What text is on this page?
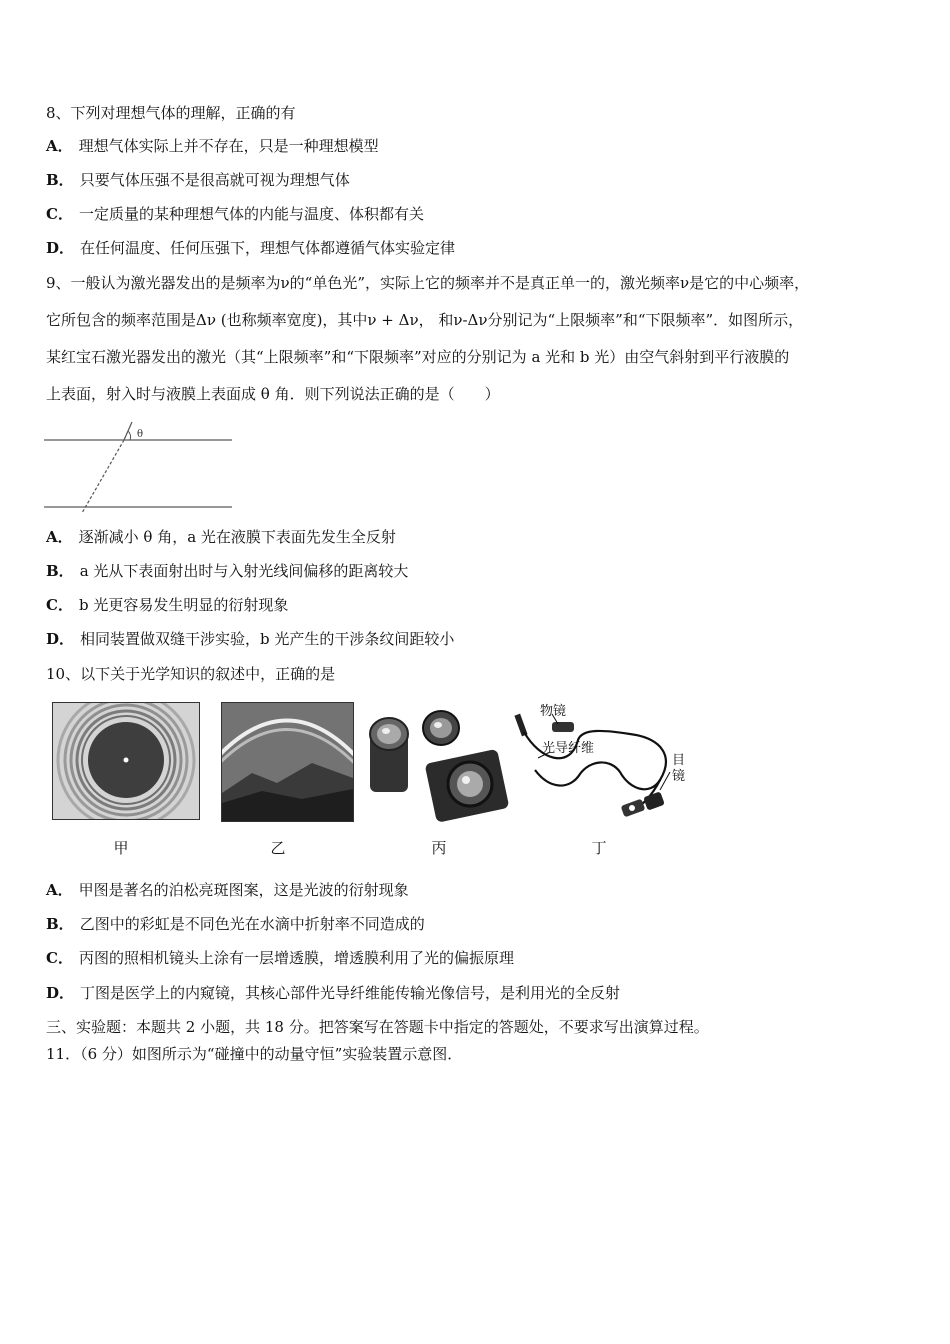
8、下列对理想气体的理解，正确的有
A． 理想气体实际上并不存在，只是一种理想模型
B． 只要气体压强不是很高就可视为理想气体
C． 一定质量的某种理想气体的内能与温度、体积都有关
D． 在任何温度、任何压强下，理想气体都遵循气体实验定律
9、一般认为激光器发出的是频率为ν的“单色光”，实际上它的频率并不是真正单一的，激光频率ν是它的中心频率，
它所包含的频率范围是Δν (也称频率宽度)，其中ν + Δν， 和ν-Δν分别记为“上限频率”和“下限频率”．如图所示，
某红宝石激光器发出的激光（其“上限频率”和“下限频率”对应的分别记为 a 光和 b 光）由空气斜射到平行液膜的
上表面，射入时与液膜上表面成 θ 角．则下列说法正确的是（　　）
θ
A． 逐渐减小 θ 角，a 光在液膜下表面先发生全反射
B． a 光从下表面射出时与入射光线间偏移的距离较大
C． b 光更容易发生明显的衍射现象
D． 相同装置做双缝干涉实验，b 光产生的干涉条纹间距较小
10、以下关于光学知识的叙述中，正确的是
物镜
光导纤维
目
镜
甲	乙	丙	丁
A． 甲图是著名的泊松亮斑图案，这是光波的衍射现象
B． 乙图中的彩虹是不同色光在水滴中折射率不同造成的
C． 丙图的照相机镜头上涂有一层增透膜，增透膜利用了光的偏振原理
D． 丁图是医学上的内窥镜，其核心部件光导纤维能传输光像信号，是利用光的全反射
三、实验题：本题共 2 小题，共 18 分。把答案写在答题卡中指定的答题处，不要求写出演算过程。
11．（6 分）如图所示为“碰撞中的动量守恒”实验装置示意图．
